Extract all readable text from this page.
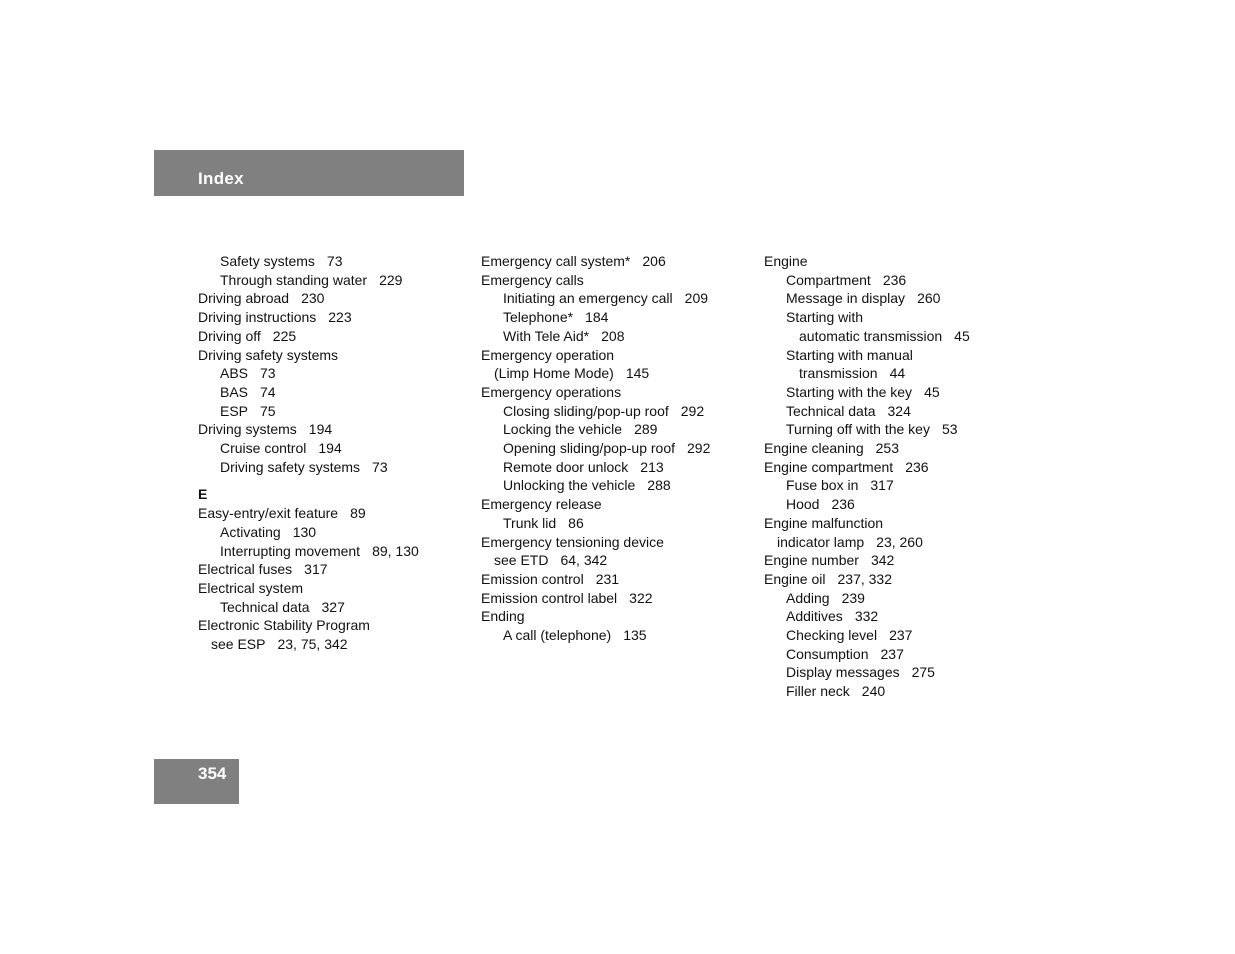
Index
Safety systems 73
Through standing water 229
Driving abroad 230
Driving instructions 223
Driving off 225
Driving safety systems
ABS 73
BAS 74
ESP 75
Driving systems 194
Cruise control 194
Driving safety systems 73
E
Easy-entry/exit feature 89
Activating 130
Interrupting movement 89, 130
Electrical fuses 317
Electrical system
Technical data 327
Electronic Stability Program
see ESP 23, 75, 342
Emergency call system* 206
Emergency calls
Initiating an emergency call 209
Telephone* 184
With Tele Aid* 208
Emergency operation
(Limp Home Mode) 145
Emergency operations
Closing sliding/pop-up roof 292
Locking the vehicle 289
Opening sliding/pop-up roof 292
Remote door unlock 213
Unlocking the vehicle 288
Emergency release
Trunk lid 86
Emergency tensioning device
see ETD 64, 342
Emission control 231
Emission control label 322
Ending
A call (telephone) 135
Engine
Compartment 236
Message in display 260
Starting with
automatic transmission 45
Starting with manual
transmission 44
Starting with the key 45
Technical data 324
Turning off with the key 53
Engine cleaning 253
Engine compartment 236
Fuse box in 317
Hood 236
Engine malfunction
indicator lamp 23, 260
Engine number 342
Engine oil 237, 332
Adding 239
Additives 332
Checking level 237
Consumption 237
Display messages 275
Filler neck 240
354
